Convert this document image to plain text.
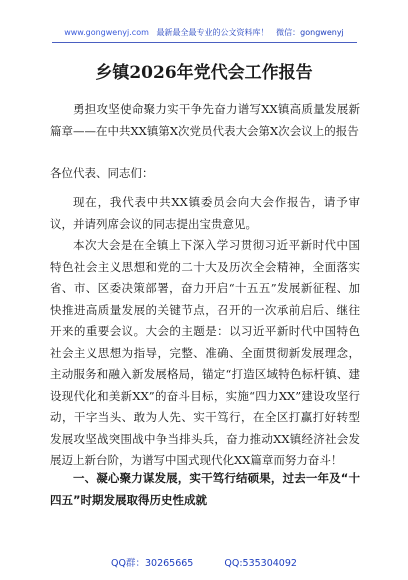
www.gongwenyj.com 最新最全最专业的公文资料库！ 微信：gongwenyj
乡镇2026年党代会工作报告

勇担攻坚使命聚力实干争先奋力谱写XX镇高质量发展新篇章——在中共XX镇第X次党员代表大会第X次会议上的报告

各位代表、同志们：

现在，我代表中共XX镇委员会向大会作报告，请予审议，并请列席会议的同志提出宝贵意见。

本次大会是在全镇上下深入学习贯彻习近平新时代中国特色社会主义思想和党的二十大及历次全会精神，全面落实省、市、区委决策部署，奋力开启“十五五”发展新征程、加快推进高质量发展的关键节点，召开的一次承前启后、继往开来的重要会议。大会的主题是：以习近平新时代中国特色社会主义思想为指导，完整、准确、全面贯彻新发展理念，主动服务和融入新发展格局，锚定“打造区域特色标杆镇、建设现代化和美新XX”的奋斗目标，实施“四力XX”建设攻坚行动，干字当头、敢为人先、实干笃行，在全区打赢打好转型发展攻坚战突围战中争当排头兵，奋力推动XX镇经济社会发展迈上新台阶，为谱写中国式现代化XX篇章而努力奋斗！

一、凝心聚力谋发展，实干笃行结硕果，过去一年及“十四五”时期发展取得历史性成就

QQ群：30265665	QQ:535304092
